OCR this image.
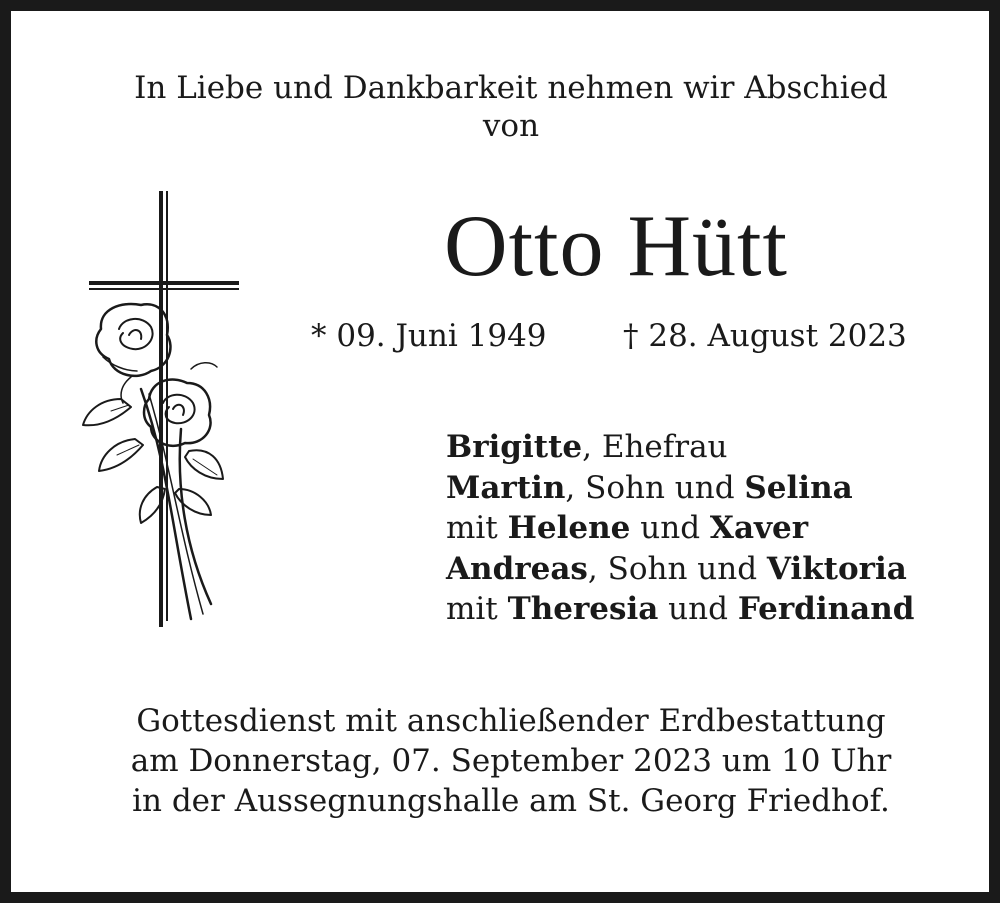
In Liebe und Dankbarkeit nehmen wir Abschied
von
Otto Hütt
* 09. Juni 1949 † 28. August 2023
Brigitte, Ehefrau
Martin, Sohn und Selina
mit Helene und Xaver
Andreas, Sohn und Viktoria
mit Theresia und Ferdinand
Gottesdienst mit anschließender Erdbestattung
am Donnerstag, 07. September 2023 um 10 Uhr
in der Aussegnungshalle am St. Georg Friedhof.
